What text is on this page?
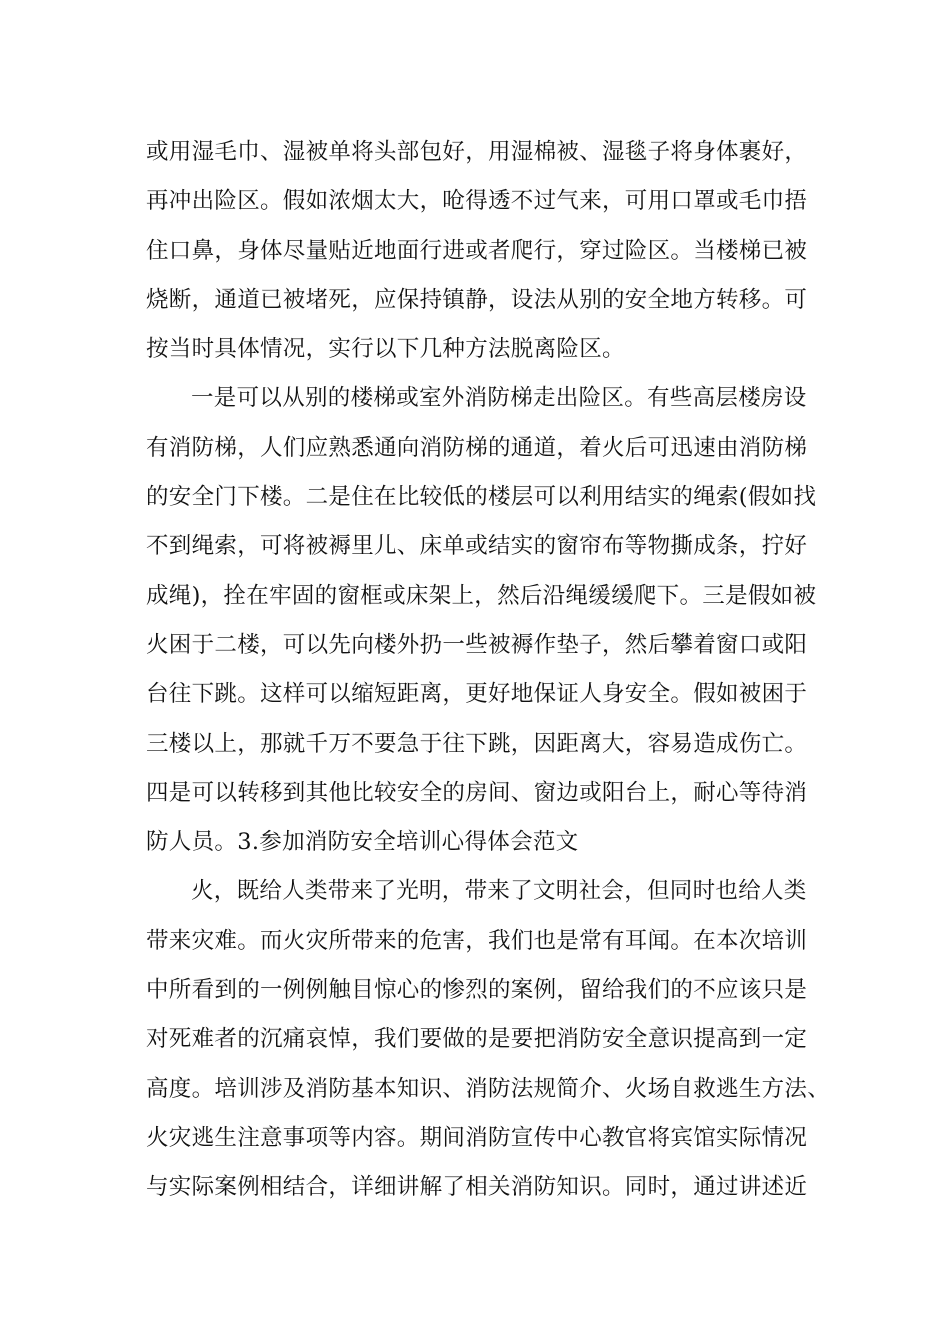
或用湿毛巾、湿被单将头部包好，用湿棉被、湿毯子将身体裹好，
再冲出险区。假如浓烟太大，呛得透不过气来，可用口罩或毛巾捂
住口鼻，身体尽量贴近地面行进或者爬行，穿过险区。当楼梯已被
烧断，通道已被堵死，应保持镇静，设法从别的安全地方转移。可
按当时具体情况，实行以下几种方法脱离险区。
一是可以从别的楼梯或室外消防梯走出险区。有些高层楼房设
有消防梯，人们应熟悉通向消防梯的通道，着火后可迅速由消防梯
的安全门下楼。二是住在比较低的楼层可以利用结实的绳索(假如找
不到绳索，可将被褥里儿、床单或结实的窗帘布等物撕成条，拧好
成绳)，拴在牢固的窗框或床架上，然后沿绳缓缓爬下。三是假如被
火困于二楼，可以先向楼外扔一些被褥作垫子，然后攀着窗口或阳
台往下跳。这样可以缩短距离，更好地保证人身安全。假如被困于
三楼以上，那就千万不要急于往下跳，因距离大，容易造成伤亡。
四是可以转移到其他比较安全的房间、窗边或阳台上，耐心等待消
防人员。3.参加消防安全培训心得体会范文
火，既给人类带来了光明，带来了文明社会，但同时也给人类
带来灾难。而火灾所带来的危害，我们也是常有耳闻。在本次培训
中所看到的一例例触目惊心的惨烈的案例，留给我们的不应该只是
对死难者的沉痛哀悼，我们要做的是要把消防安全意识提高到一定
高度。培训涉及消防基本知识、消防法规简介、火场自救逃生方法、
火灾逃生注意事项等内容。期间消防宣传中心教官将宾馆实际情况
与实际案例相结合，详细讲解了相关消防知识。同时，通过讲述近
